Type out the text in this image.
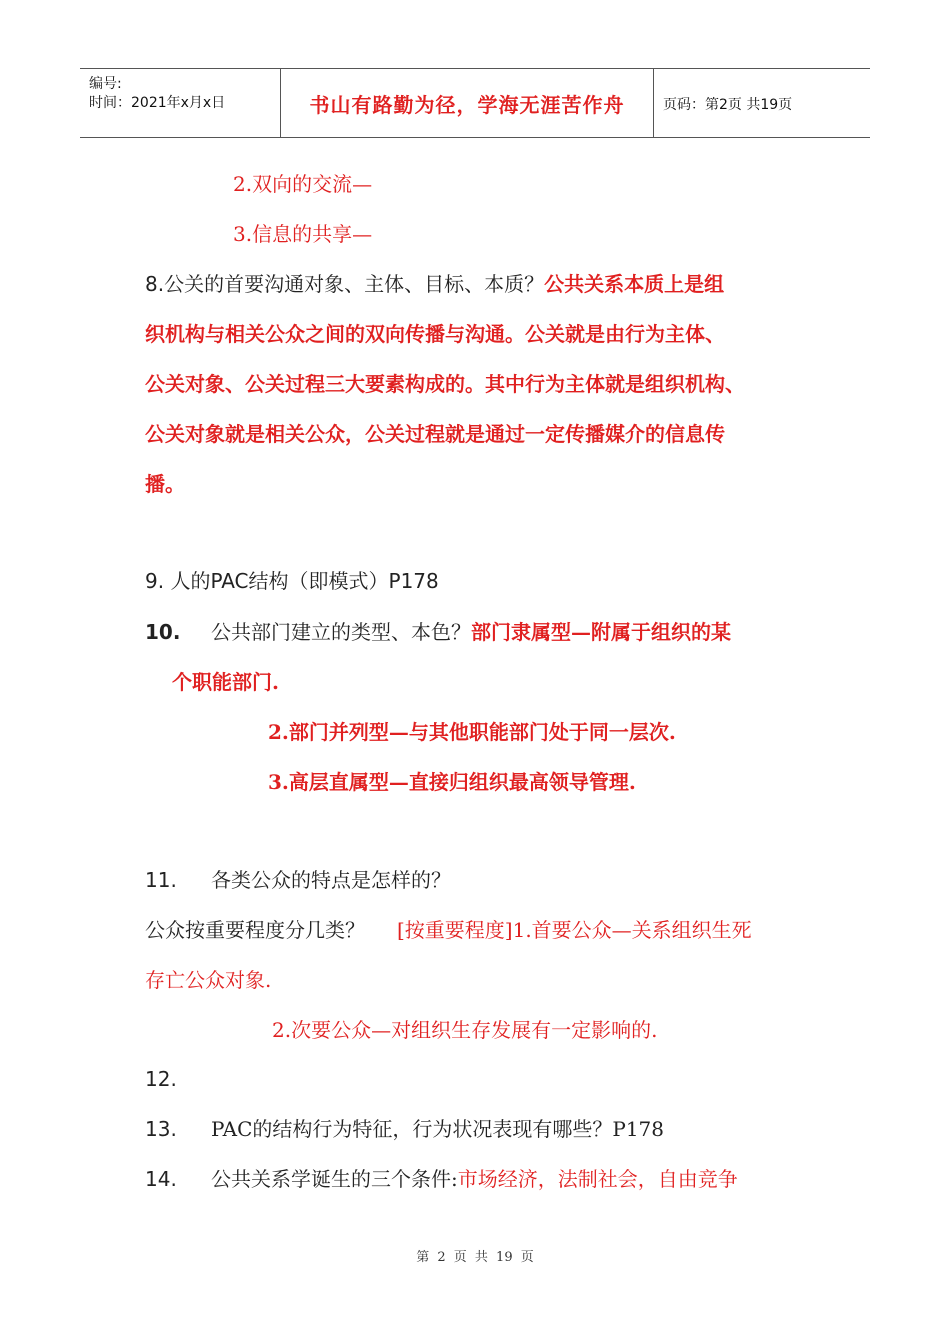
编号:
时间：2021年x月x日	书山有路勤为径，学海无涯苦作舟	页码：第2页 共19页
2.双向的交流—
3.信息的共享—
8.公关的首要沟通对象、主体、目标、本质？公共关系本质上是组
织机构与相关公众之间的双向传播与沟通。公关就是由行为主体、
公关对象、公关过程三大要素构成的。其中行为主体就是组织机构、
公关对象就是相关公众，公关过程就是通过一定传播媒介的信息传
播。
9. 人的PAC结构（即模式）P178
10. 公共部门建立的类型、本色？部门隶属型—附属于组织的某
个职能部门.
2.部门并列型—与其他职能部门处于同一层次.
3.高层直属型—直接归组织最高领导管理.
11. 各类公众的特点是怎样的？
公众按重要程度分几类？ [按重要程度]1.首要公众—关系组织生死
存亡公众对象.
2.次要公众—对组织生存发展有一定影响的.
12.
13. PAC的结构行为特征，行为状况表现有哪些？P178
14. 公共关系学诞生的三个条件:市场经济，法制社会，自由竞争
第 2 页 共 19 页
